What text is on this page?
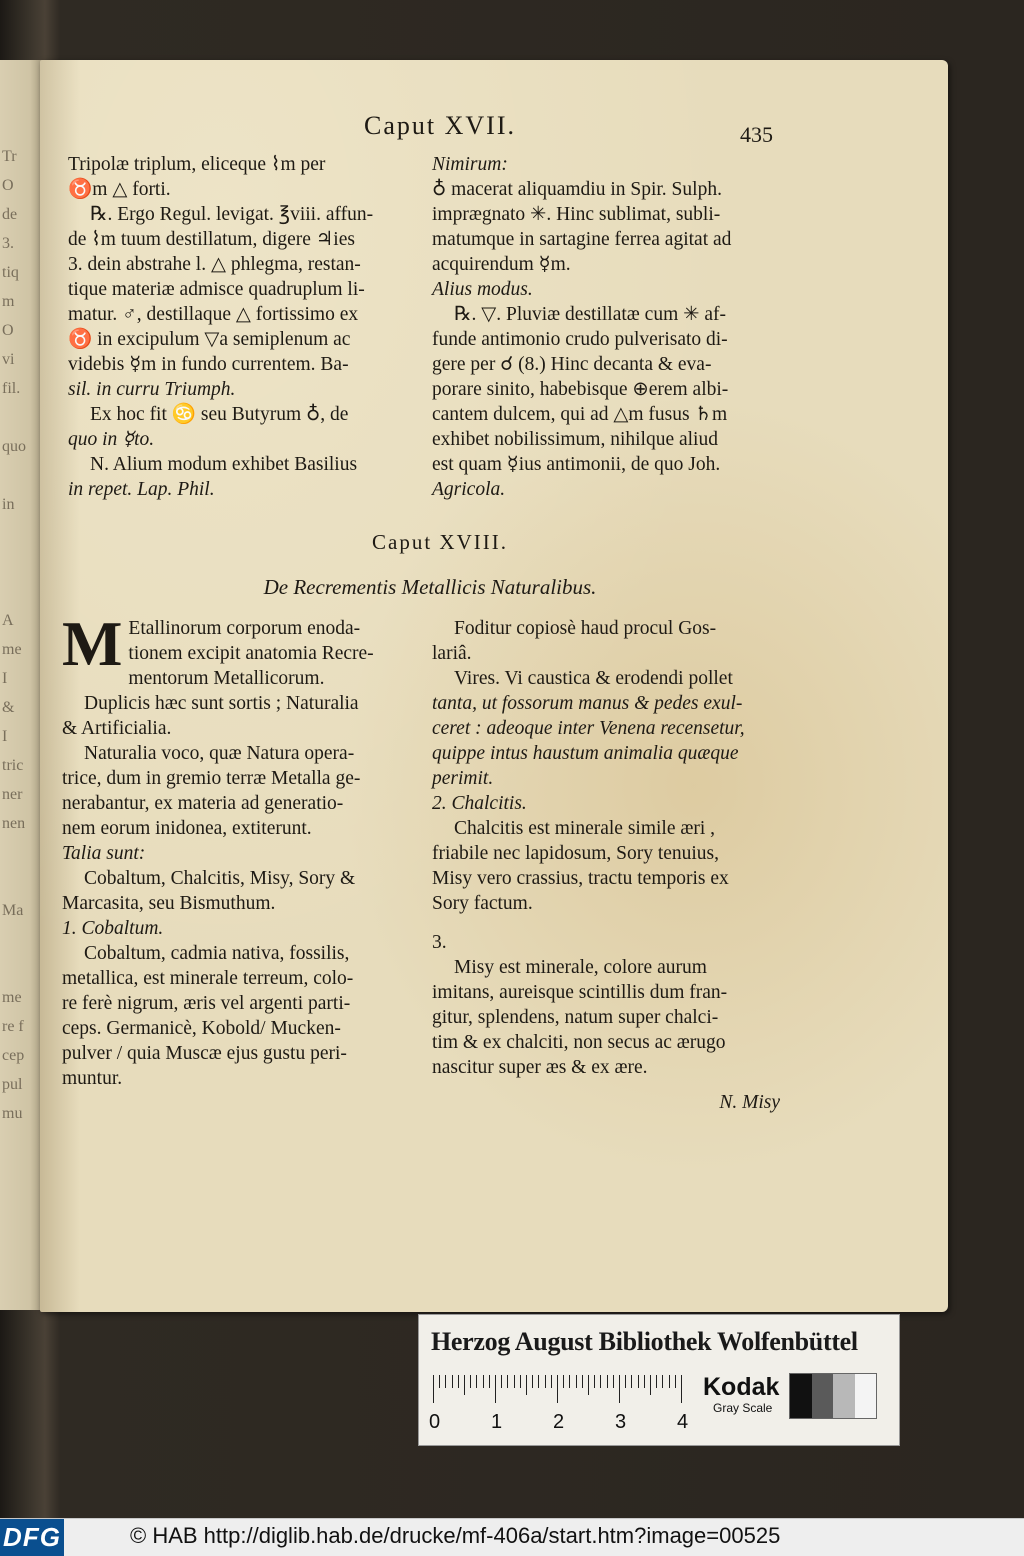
Tr
O
de
3.
tiq
m
O
vi
fil.
quo
in
A
me
I
&
I
tric
ner
nen
Ma
me
re f
cep
pul
mu
Caput XVII.	435

Tripolæ triplum, eliceque ⌇m per

♉m △ forti.

℞. Ergo Regul. levigat. ℥viii. affun-

de ⌇m tuum destillatum, digere ♃ies

3. dein abstrahe l. △ phlegma, restan-

tique materiæ admisce quadruplum li-

matur. ♂, destillaque △ fortissimo ex

♉ in excipulum ▽a semiplenum ac

videbis ☿m in fundo currentem. Ba-

sil. in curru Triumph.

Ex hoc fit ♋ seu Butyrum ♁, de

quo in ☿to.

N. Alium modum exhibet Basilius

in repet. Lap. Phil.

Nimirum:

♁ macerat aliquamdiu in Spir. Sulph.

imprægnato ✳. Hinc sublimat, subli-

matumque in sartagine ferrea agitat ad

acquirendum ☿m.

Alius modus.

℞. ▽. Pluviæ destillatæ cum ✳ af-

funde antimonio crudo pulverisato di-

gere per ☌ (8.) Hinc decanta & eva-

porare sinito, habebisque ⊕erem albi-

cantem dulcem, qui ad △m fusus ♄m

exhibet nobilissimum, nihilque aliud

est quam ☿ius antimonii, de quo Joh.

Agricola.

Caput XVIII.
De Recrementis Metallicis Naturalibus.
M Etallinorum corporum enoda-

tionem excipit anatomia Recre-

mentorum Metallicorum.

Duplicis hæc sunt sortis ; Naturalia

& Artificialia.

Naturalia voco, quæ Natura opera-

trice, dum in gremio terræ Metalla ge-

nerabantur, ex materia ad generatio-

nem eorum inidonea, extiterunt.

Talia sunt:

Cobaltum, Chalcitis, Misy, Sory &

Marcasita, seu Bismuthum.

1. Cobaltum.

Cobaltum, cadmia nativa, fossilis,

metallica, est minerale terreum, colo-

re ferè nigrum, æris vel argenti parti-

ceps. Germanicè, Kobold/ Mucken-

pulver / quia Muscæ ejus gustu peri-

muntur.

Foditur copiosè haud procul Gos-

lariâ.

Vires. Vi caustica & erodendi pollet

tanta, ut fossorum manus & pedes exul-

ceret : adeoque inter Venena recensetur,

quippe intus haustum animalia quæque

perimit.

2. Chalcitis.

Chalcitis est minerale simile æri ,

friabile nec lapidosum, Sory tenuius,

Misy vero crassius, tractu temporis ex

Sory factum.

3.

Misy est minerale, colore aurum

imitans, aureisque scintillis dum fran-

gitur, splendens, natum super chalci-

tim & ex chalciti, non secus ac ærugo

nascitur super æs & ex ære.

N. Misy
Herzog August Bibliothek Wolfenbüttel
Kodak
Gray Scale
0	1	2	3	4
DFG	© HAB http://diglib.hab.de/drucke/mf-406a/start.htm?image=00525
